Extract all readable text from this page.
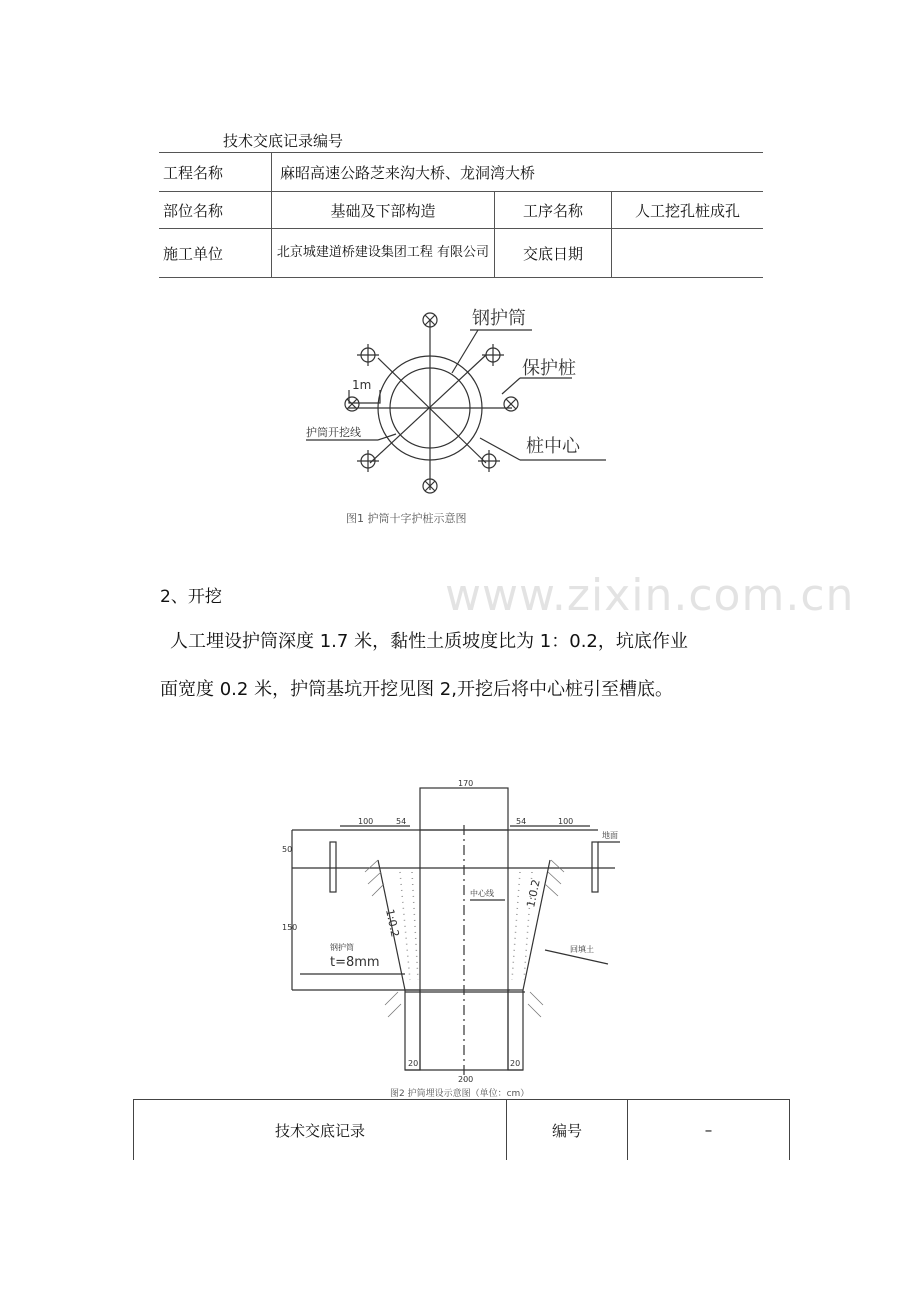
技术交底记录编号
工程名称	麻昭高速公路芝来沟大桥、龙洞湾大桥		
部位名称	基础及下部构造	工序名称	人工挖孔桩成孔
施工单位	北京城建道桥建设集团工程 有限公司	交底日期	
钢护筒
保护桩
1m
护筒开挖线
桩中心
图1 护筒十字护桩示意图
2、开挖
人工埋设护筒深度 1.7 米，黏性土质坡度比为 1：0.2，坑底作业
面宽度 0.2 米，护筒基坑开挖见图 2,开挖后将中心桩引至槽底。
www.zixin.com.cn
170
100	54	54	100
50
150
地面
中心线
钢护筒
t=8mm
回填土
20	20
200
1:0.2
1:0.2
图2 护筒埋设示意图（单位：cm）
技术交底记录	编号	–
